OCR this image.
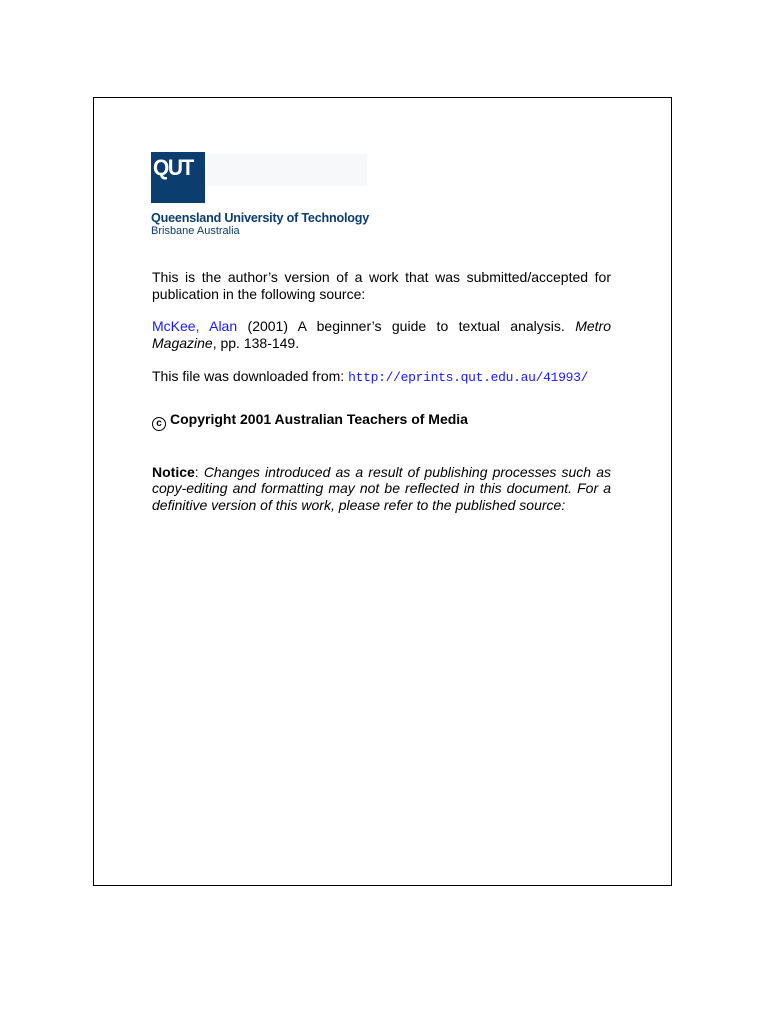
QUT
Queensland University of Technology
Brisbane Australia

This is the author’s version of a work that was submitted/accepted for publication in the following source:

McKee, Alan (2001) A beginner’s guide to textual analysis. Metro Magazine, pp. 138-149.

This file was downloaded from: http://eprints.qut.edu.au/41993/

c Copyright 2001 Australian Teachers of Media

Notice: Changes introduced as a result of publishing processes such as copy-editing and formatting may not be reflected in this document. For a definitive version of this work, please refer to the published source:
